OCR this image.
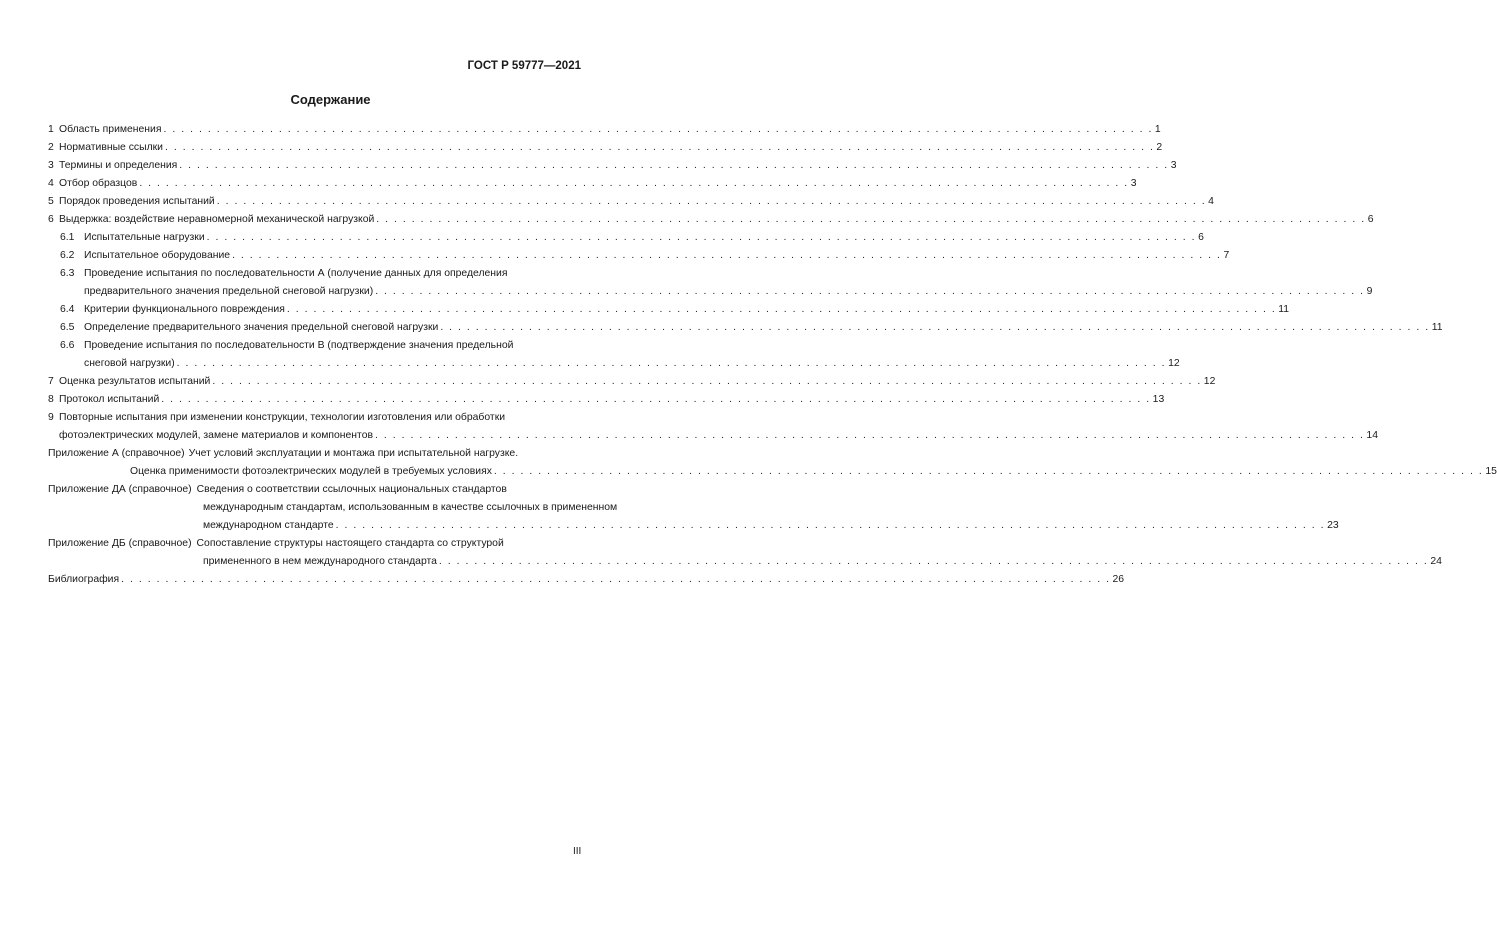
ГОСТ Р 59777—2021
Содержание
1 Область применения . . . . . . . . . . . . . . . . . . . . . . . . . . . . . . . . . . . . . . . . . . . . . . . . . . . . . . . . . . . . . . . . . . . . . . . . . . . . . . . . . . . . . . . . . . . . . . . . . . . . . . . . . . . . . . . . 1
2 Нормативные ссылки . . . . . . . . . . . . . . . . . . . . . . . . . . . . . . . . . . . . . . . . . . . . . . . . . . . . . . . . . . . . . . . . . . . . . . . . . . . . . . . . . . . . . . . . . . . . . . . . . . . . . . . . . . . . . . . . 2
3 Термины и определения . . . . . . . . . . . . . . . . . . . . . . . . . . . . . . . . . . . . . . . . . . . . . . . . . . . . . . . . . . . . . . . . . . . . . . . . . . . . . . . . . . . . . . . . . . . . . . . . . . . . . . . . . . . . . . . . 3
4 Отбор образцов . . . . . . . . . . . . . . . . . . . . . . . . . . . . . . . . . . . . . . . . . . . . . . . . . . . . . . . . . . . . . . . . . . . . . . . . . . . . . . . . . . . . . . . . . . . . . . . . . . . . . . . . . . . . . . . . 3
5 Порядок проведения испытаний . . . . . . . . . . . . . . . . . . . . . . . . . . . . . . . . . . . . . . . . . . . . . . . . . . . . . . . . . . . . . . . . . . . . . . . . . . . . . . . . . . . . . . . . . . . . . . . . . . . . . . . . . . . . . . . . 4
6 Выдержка: воздействие неравномерной механической нагрузкой . . . . . . . . . . . . . . . . . . . . . . . . . . . . . . . . . . . . . . . . . . . . . . . . . . . . . . . . . . . . . . . . . . . . . . . . . . . . . . . . . . . . . . . . . . . . . . . . . . . . . . . . . . . . . . . . 6
6.1 Испытательные нагрузки . . . . . . . . . . . . . . . . . . . . . . . . . . . . . . . . . . . . . . . . . . . . . . . . . . . . . . . . . . . . . . . . . . . . . . . . . . . . . . . . . . . . . . . . . . . . . . . . . . . . . . . . . . . . . . . . 6
6.2 Испытательное оборудование . . . . . . . . . . . . . . . . . . . . . . . . . . . . . . . . . . . . . . . . . . . . . . . . . . . . . . . . . . . . . . . . . . . . . . . . . . . . . . . . . . . . . . . . . . . . . . . . . . . . . . . . . . . . . . . . 7
6.3 Проведение испытания по последовательности А (получение данных для определения
предварительного значения предельной снеговой нагрузки) . . . . . . . . . . . . . . . . . . . . . . . . . . . . . . . . . . . . . . . . . . . . . . . . . . . . . . . . . . . . . . . . . . . . . . . . . . . . . . . . . . . . . . . . . . . . . . . . . . . . . . . . . . . . . . . . 9
6.4 Критерии функционального повреждения . . . . . . . . . . . . . . . . . . . . . . . . . . . . . . . . . . . . . . . . . . . . . . . . . . . . . . . . . . . . . . . . . . . . . . . . . . . . . . . . . . . . . . . . . . . . . . . . . . . . . . . . . . . . . . . . 11
6.5 Определение предварительного значения предельной снеговой нагрузки . . . . . . . . . . . . . . . . . . . . . . . . . . . . . . . . . . . . . . . . . . . . . . . . . . . . . . . . . . . . . . . . . . . . . . . . . . . . . . . . . . . . . . . . . . . . . . . . . . . . . . . . . . . . . . . . 11
6.6 Проведение испытания по последовательности В (подтверждение значения предельной
снеговой нагрузки) . . . . . . . . . . . . . . . . . . . . . . . . . . . . . . . . . . . . . . . . . . . . . . . . . . . . . . . . . . . . . . . . . . . . . . . . . . . . . . . . . . . . . . . . . . . . . . . . . . . . . . . . . . . . . . . . 12
7 Оценка результатов испытаний . . . . . . . . . . . . . . . . . . . . . . . . . . . . . . . . . . . . . . . . . . . . . . . . . . . . . . . . . . . . . . . . . . . . . . . . . . . . . . . . . . . . . . . . . . . . . . . . . . . . . . . . . . . . . . . . 12
8 Протокол испытаний . . . . . . . . . . . . . . . . . . . . . . . . . . . . . . . . . . . . . . . . . . . . . . . . . . . . . . . . . . . . . . . . . . . . . . . . . . . . . . . . . . . . . . . . . . . . . . . . . . . . . . . . . . . . . . . . 13
9 Повторные испытания при изменении конструкции, технологии изготовления или обработки
фотоэлектрических модулей, замене материалов и компонентов . . . . . . . . . . . . . . . . . . . . . . . . . . . . . . . . . . . . . . . . . . . . . . . . . . . . . . . . . . . . . . . . . . . . . . . . . . . . . . . . . . . . . . . . . . . . . . . . . . . . . . . . . . . . . . . . 14
Приложение А (справочное) Учет условий эксплуатации и монтажа при испытательной нагрузке.
Оценка применимости фотоэлектрических модулей в требуемых условиях . . . . . . . . . . . . . . . . . . . . . . . . . . . . . . . . . . . . . . . . . . . . . . . . . . . . . . . . . . . . . . . . . . . . . . . . . . . . . . . . . . . . . . . . . . . . . . . . . . . . . . . . . . . . . . . . 15
Приложение ДА (справочное) Сведения о соответствии ссылочных национальных стандартов
международным стандартам, использованным в качестве ссылочных в примененном
международном стандарте . . . . . . . . . . . . . . . . . . . . . . . . . . . . . . . . . . . . . . . . . . . . . . . . . . . . . . . . . . . . . . . . . . . . . . . . . . . . . . . . . . . . . . . . . . . . . . . . . . . . . . . . . . . . . . . . 23
Приложение ДБ (справочное) Сопоставление структуры настоящего стандарта со структурой
примененного в нем международного стандарта . . . . . . . . . . . . . . . . . . . . . . . . . . . . . . . . . . . . . . . . . . . . . . . . . . . . . . . . . . . . . . . . . . . . . . . . . . . . . . . . . . . . . . . . . . . . . . . . . . . . . . . . . . . . . . . . 24
Библиография . . . . . . . . . . . . . . . . . . . . . . . . . . . . . . . . . . . . . . . . . . . . . . . . . . . . . . . . . . . . . . . . . . . . . . . . . . . . . . . . . . . . . . . . . . . . . . . . . . . . . . . . . . . . . . . . 26
III
